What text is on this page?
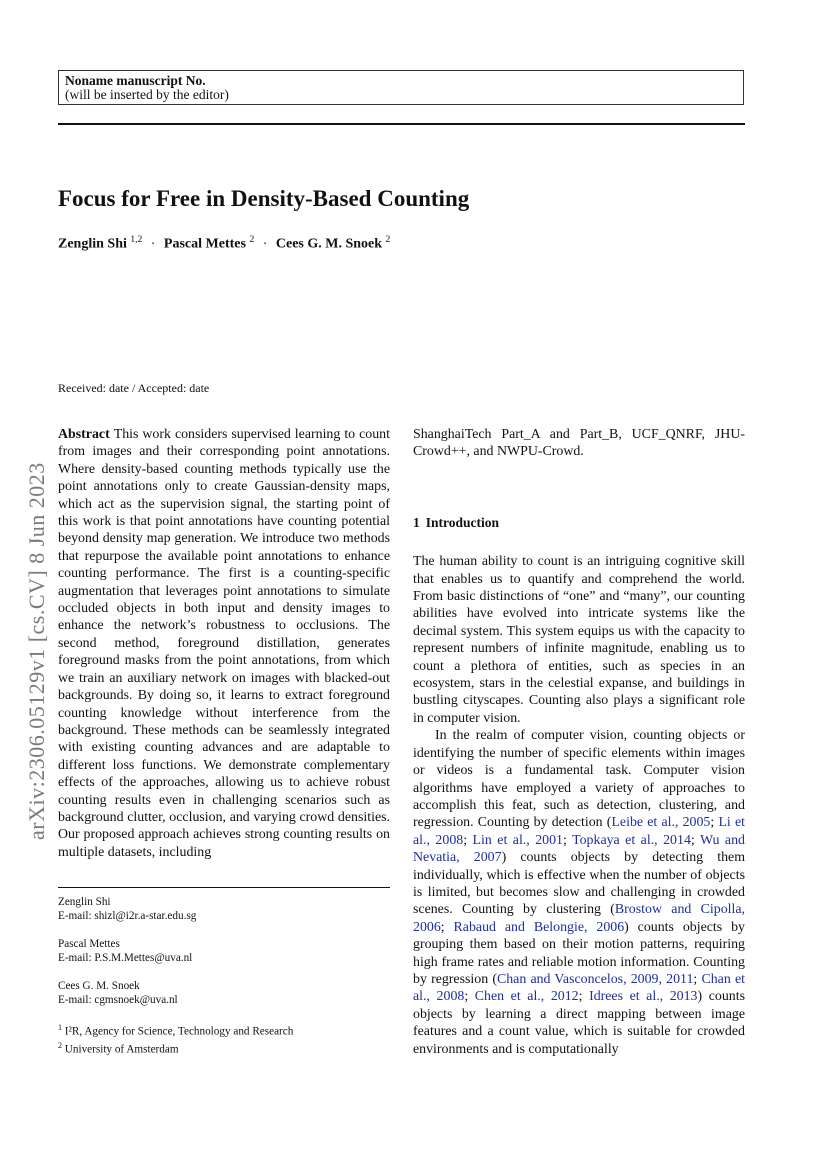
arXiv:2306.05129v1 [cs.CV] 8 Jun 2023
Noname manuscript No.
(will be inserted by the editor)
Focus for Free in Density-Based Counting
Zenglin Shi $^{1,2}$ · Pascal Mettes $^2$ · Cees G. M. Snoek $^2$
Received: date / Accepted: date

Abstract This work considers supervised learning to count from images and their corresponding point annotations. Where density-based counting methods typically use the point annotations only to create Gaussian-density maps, which act as the supervision signal, the starting point of this work is that point annotations have counting potential beyond density map generation. We introduce two methods that repurpose the available point annotations to enhance counting performance. The first is a counting-specific augmentation that leverages point annotations to simulate occluded objects in both input and density images to enhance the network’s robustness to occlusions. The second method, foreground distillation, generates foreground masks from the point annotations, from which we train an auxiliary network on images with blacked-out backgrounds. By doing so, it learns to extract foreground counting knowledge without interference from the background. These methods can be seamlessly integrated with existing counting advances and are adaptable to different loss functions. We demonstrate complementary effects of the approaches, allowing us to achieve robust counting results even in challenging scenarios such as background clutter, occlusion, and varying crowd densities. Our proposed approach achieves strong counting results on multiple datasets, including

ShanghaiTech Part_A and Part_B, UCF_QNRF, JHU-Crowd++, and NWPU-Crowd.

1 Introduction

The human ability to count is an intriguing cognitive skill that enables us to quantify and comprehend the world. From basic distinctions of “one” and “many”, our counting abilities have evolved into intricate systems like the decimal system. This system equips us with the capacity to represent numbers of infinite magnitude, enabling us to count a plethora of entities, such as species in an ecosystem, stars in the celestial expanse, and buildings in bustling cityscapes. Counting also plays a significant role in computer vision.

In the realm of computer vision, counting objects or identifying the number of specific elements within images or videos is a fundamental task. Computer vision algorithms have employed a variety of approaches to accomplish this feat, such as detection, clustering, and regression. Counting by detection (Leibe et al., 2005; Li et al., 2008; Lin et al., 2001; Topkaya et al., 2014; Wu and Nevatia, 2007) counts objects by detecting them individually, which is effective when the number of objects is limited, but becomes slow and challenging in crowded scenes. Counting by clustering (Brostow and Cipolla, 2006; Rabaud and Belongie, 2006) counts objects by grouping them based on their motion patterns, requiring high frame rates and reliable motion information. Counting by regression (Chan and Vasconcelos, 2009, 2011; Chan et al., 2008; Chen et al., 2012; Idrees et al., 2013) counts objects by learning a direct mapping between image features and a count value, which is suitable for crowded environments and is computationally

Zenglin Shi
E-mail: shizl@i2r.a-star.edu.sg
Pascal Mettes
E-mail: P.S.M.Mettes@uva.nl
Cees G. M. Snoek
E-mail: cgmsnoek@uva.nl
$^1$ I²R, Agency for Science, Technology and Research
$^2$ University of Amsterdam
